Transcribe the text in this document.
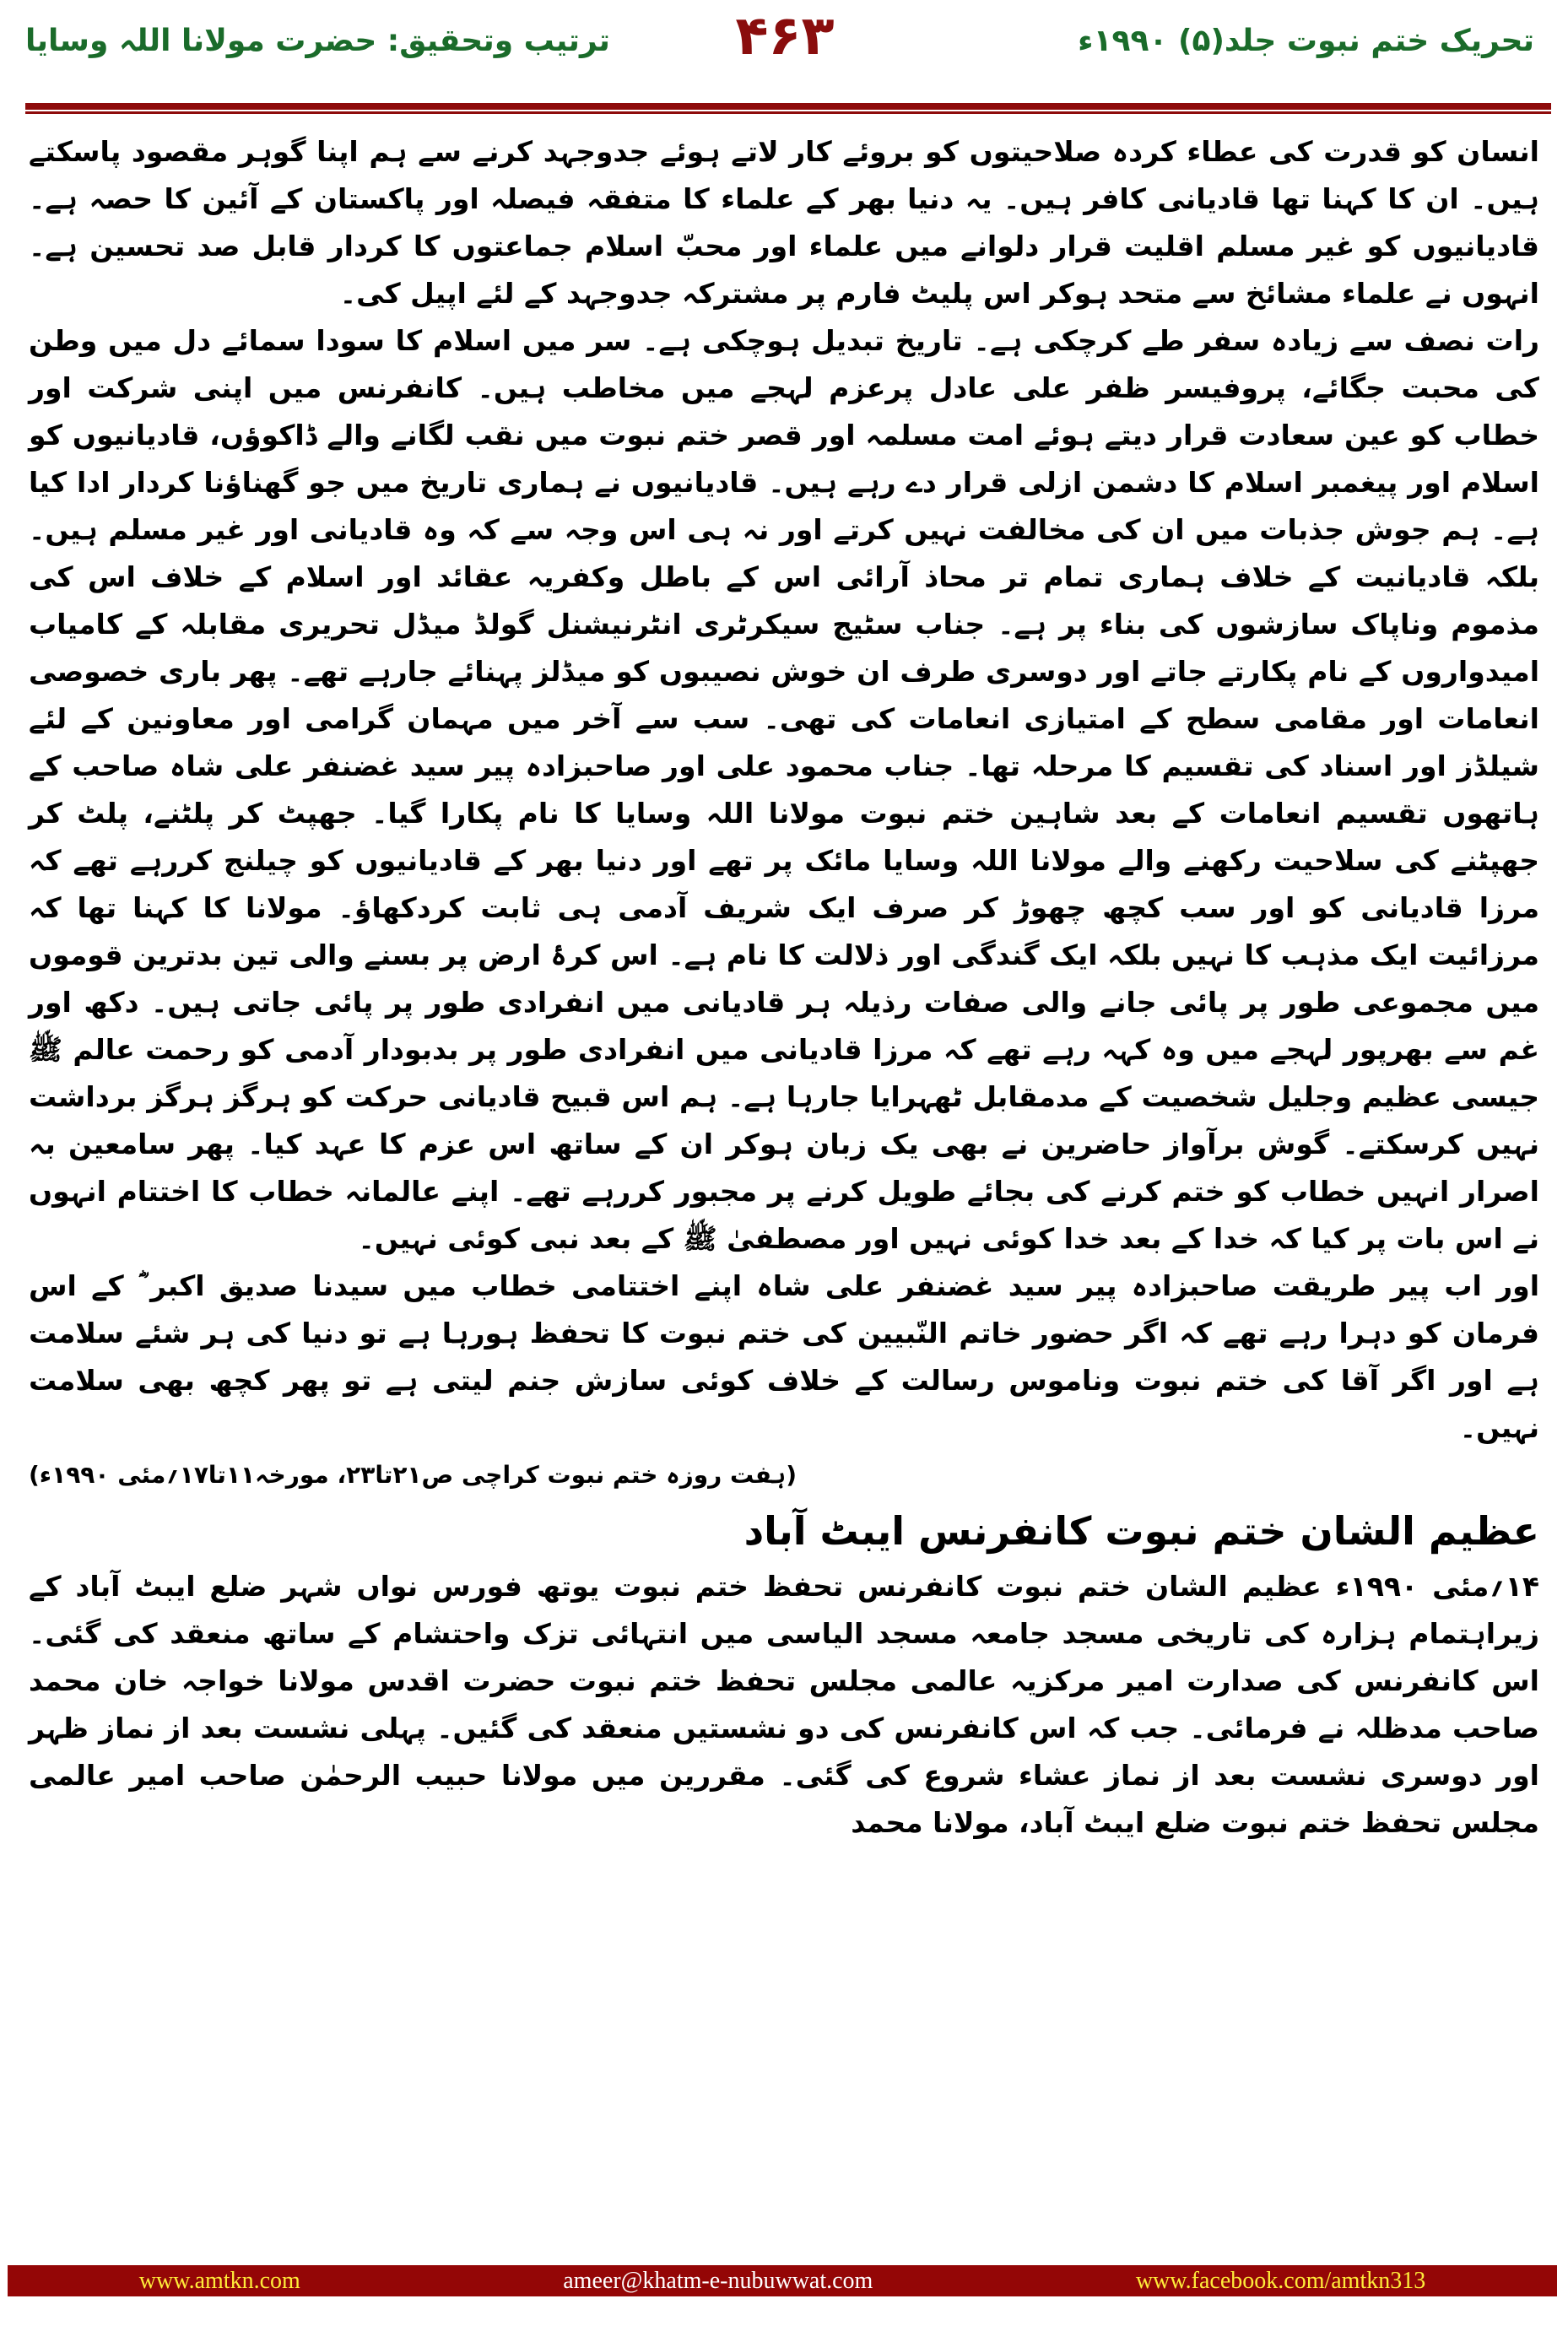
ترتیب وتحقیق: حضرت مولانا اللہ وسایا ۴۶۳	تحریک ختم نبوت جلد(۵) ۱۹۹۰ء

انسان کو قدرت کی عطاء کردہ صلاحیتوں کو بروئے کار لاتے ہوئے جدوجہد کرنے سے ہم اپنا گوہر مقصود پاسکتے ہیں۔ ان کا کہنا تھا قادیانی کافر ہیں۔ یہ دنیا بھر کے علماء کا متفقہ فیصلہ اور پاکستان کے آئین کا حصہ ہے۔ قادیانیوں کو غیر مسلم اقلیت قرار دلوانے میں علماء اور محبّ اسلام جماعتوں کا کردار قابل صد تحسین ہے۔ انہوں نے علماء مشائخ سے متحد ہوکر اس پلیٹ فارم پر مشترکہ جدوجہد کے لئے اپیل کی۔

رات نصف سے زیادہ سفر طے کرچکی ہے۔ تاریخ تبدیل ہوچکی ہے۔ سر میں اسلام کا سودا سمائے دل میں وطن کی محبت جگائے، پروفیسر ظفر علی عادل پرعزم لہجے میں مخاطب ہیں۔ کانفرنس میں اپنی شرکت اور خطاب کو عین سعادت قرار دیتے ہوئے امت مسلمہ اور قصر ختم نبوت میں نقب لگانے والے ڈاکوؤں، قادیانیوں کو اسلام اور پیغمبر اسلام کا دشمن ازلی قرار دے رہے ہیں۔ قادیانیوں نے ہماری تاریخ میں جو گھناؤنا کردار ادا کیا ہے۔ ہم جوش جذبات میں ان کی مخالفت نہیں کرتے اور نہ ہی اس وجہ سے کہ وہ قادیانی اور غیر مسلم ہیں۔ بلکہ قادیانیت کے خلاف ہماری تمام تر محاذ آرائی اس کے باطل وکفریہ عقائد اور اسلام کے خلاف اس کی مذموم وناپاک سازشوں کی بناء پر ہے۔ جناب سٹیج سیکرٹری انٹرنیشنل گولڈ میڈل تحریری مقابلہ کے کامیاب امیدواروں کے نام پکارتے جاتے اور دوسری طرف ان خوش نصیبوں کو میڈلز پہنائے جارہے تھے۔ پھر باری خصوصی انعامات اور مقامی سطح کے امتیازی انعامات کی تھی۔ سب سے آخر میں مہمان گرامی اور معاونین کے لئے شیلڈز اور اسناد کی تقسیم کا مرحلہ تھا۔ جناب محمود علی اور صاحبزادہ پیر سید غضنفر علی شاہ صاحب کے ہاتھوں تقسیم انعامات کے بعد شاہین ختم نبوت مولانا اللہ وسایا کا نام پکارا گیا۔ جھپٹ کر پلٹنے، پلٹ کر جھپٹنے کی سلاحیت رکھنے والے مولانا اللہ وسایا مائک پر تھے اور دنیا بھر کے قادیانیوں کو چیلنج کررہے تھے کہ مرزا قادیانی کو اور سب کچھ چھوڑ کر صرف ایک شریف آدمی ہی ثابت کردکھاؤ۔ مولانا کا کہنا تھا کہ مرزائیت ایک مذہب کا نہیں بلکہ ایک گندگی اور ذلالت کا نام ہے۔ اس کرۂ ارض پر بسنے والی تین بدترین قوموں میں مجموعی طور پر پائی جانے والی صفات رذیلہ ہر قادیانی میں انفرادی طور پر پائی جاتی ہیں۔ دکھ اور غم سے بھرپور لہجے میں وہ کہہ رہے تھے کہ مرزا قادیانی میں انفرادی طور پر بدبودار آدمی کو رحمت عالم ﷺ جیسی عظیم وجلیل شخصیت کے مدمقابل ٹھہرایا جارہا ہے۔ ہم اس قبیح قادیانی حرکت کو ہرگز ہرگز برداشت نہیں کرسکتے۔ گوش برآواز حاضرین نے بھی یک زبان ہوکر ان کے ساتھ اس عزم کا عہد کیا۔ پھر سامعین بہ اصرار انہیں خطاب کو ختم کرنے کی بجائے طویل کرنے پر مجبور کررہے تھے۔ اپنے عالمانہ خطاب کا اختتام انہوں نے اس بات پر کیا کہ خدا کے بعد خدا کوئی نہیں اور مصطفیٰ ﷺ کے بعد نبی کوئی نہیں۔

اور اب پیر طریقت صاحبزادہ پیر سید غضنفر علی شاہ اپنے اختتامی خطاب میں سیدنا صدیق اکبر ؓ کے اس فرمان کو دہرا رہے تھے کہ اگر حضور خاتم النّبیین کی ختم نبوت کا تحفظ ہورہا ہے تو دنیا کی ہر شئے سلامت ہے اور اگر آقا کی ختم نبوت وناموس رسالت کے خلاف کوئی سازش جنم لیتی ہے تو پھر کچھ بھی سلامت نہیں۔

(ہفت روزہ ختم نبوت کراچی ص۲۱تا۲۳، مورخہ۱۱تا۱۷؍مئی ۱۹۹۰ء)
عظیم الشان ختم نبوت کانفرنس ایبٹ آباد

۱۴؍مئی ۱۹۹۰ء عظیم الشان ختم نبوت کانفرنس تحفظ ختم نبوت یوتھ فورس نواں شہر ضلع ایبٹ آباد کے زیراہتمام ہزارہ کی تاریخی مسجد جامعہ مسجد الیاسی میں انتہائی تزک واحتشام کے ساتھ منعقد کی گئی۔ اس کانفرنس کی صدارت امیر مرکزیہ عالمی مجلس تحفظ ختم نبوت حضرت اقدس مولانا خواجہ خان محمد صاحب مدظلہ نے فرمائی۔ جب کہ اس کانفرنس کی دو نشستیں منعقد کی گئیں۔ پہلی نشست بعد از نماز ظہر اور دوسری نشست بعد از نماز عشاء شروع کی گئی۔ مقررین میں مولانا حبیب الرحمٰن صاحب امیر عالمی مجلس تحفظ ختم نبوت ضلع ایبٹ آباد، مولانا محمد

www.amtkn.com	ameer@khatm-e-nubuwwat.com	www.facebook.com/amtkn313
